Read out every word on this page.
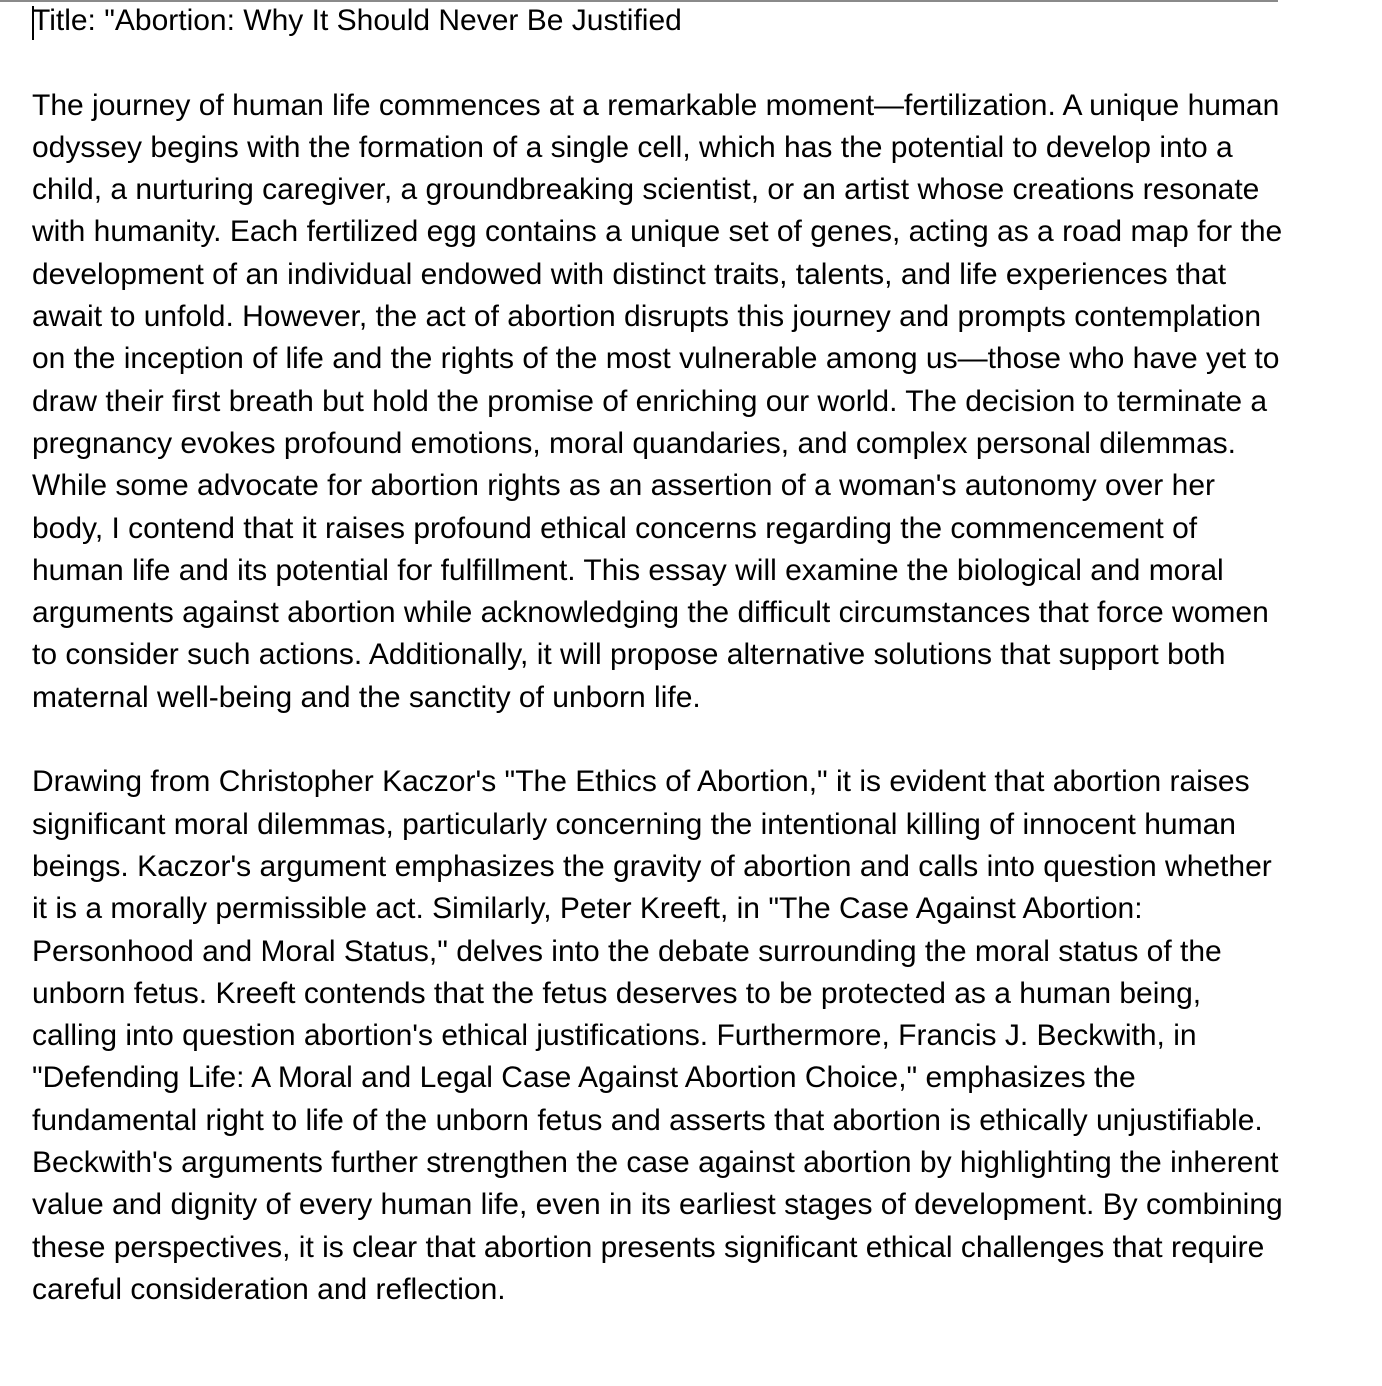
Title: "Abortion: Why It Should Never Be Justified

The journey of human life commences at a remarkable moment—fertilization. A unique human odyssey begins with the formation of a single cell, which has the potential to develop into a child, a nurturing caregiver, a groundbreaking scientist, or an artist whose creations resonate with humanity. Each fertilized egg contains a unique set of genes, acting as a road map for the development of an individual endowed with distinct traits, talents, and life experiences that await to unfold. However, the act of abortion disrupts this journey and prompts contemplation on the inception of life and the rights of the most vulnerable among us—those who have yet to draw their first breath but hold the promise of enriching our world. The decision to terminate a pregnancy evokes profound emotions, moral quandaries, and complex personal dilemmas. While some advocate for abortion rights as an assertion of a woman's autonomy over her body, I contend that it raises profound ethical concerns regarding the commencement of human life and its potential for fulfillment. This essay will examine the biological and moral arguments against abortion while acknowledging the difficult circumstances that force women to consider such actions. Additionally, it will propose alternative solutions that support both maternal well-being and the sanctity of unborn life.

Drawing from Christopher Kaczor's "The Ethics of Abortion," it is evident that abortion raises significant moral dilemmas, particularly concerning the intentional killing of innocent human beings. Kaczor's argument emphasizes the gravity of abortion and calls into question whether it is a morally permissible act. Similarly, Peter Kreeft, in "The Case Against Abortion: Personhood and Moral Status," delves into the debate surrounding the moral status of the unborn fetus. Kreeft contends that the fetus deserves to be protected as a human being, calling into question abortion's ethical justifications. Furthermore, Francis J. Beckwith, in "Defending Life: A Moral and Legal Case Against Abortion Choice," emphasizes the fundamental right to life of the unborn fetus and asserts that abortion is ethically unjustifiable. Beckwith's arguments further strengthen the case against abortion by highlighting the inherent value and dignity of every human life, even in its earliest stages of development. By combining these perspectives, it is clear that abortion presents significant ethical challenges that require careful consideration and reflection.
